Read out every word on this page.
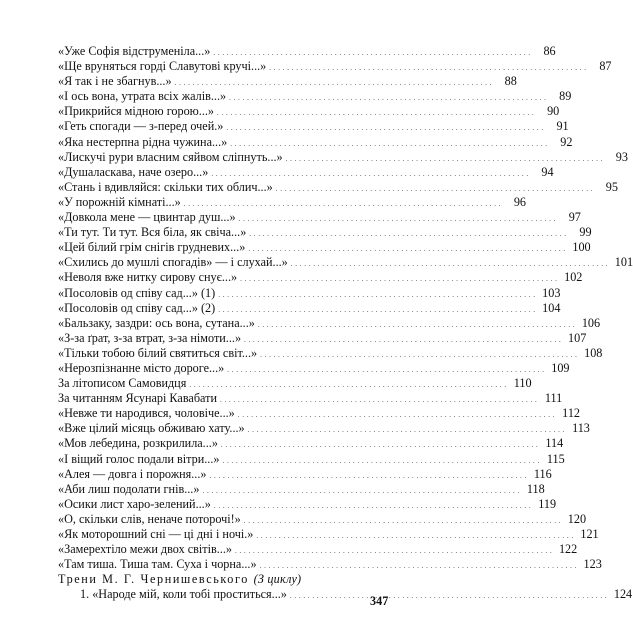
«Уже Софія відструменіла...» . . .	86
«Ще вруняться горді Славутові кручі...» . . .	87
«Я так і не збагнув...» . . .	88
«І ось вона, утрата всіх жалів...» . . .	89
«Прикрийся мідною горою...» . . .	90
«Геть спогади — з-перед очей.» . . .	91
«Яка нестерпна рідна чужина...» . . .	92
«Лискучі рури власним сяйвом сліпнуть...» . . .	93
«Душаласкава, наче озеро...» . . .	94
«Стань і вдивляйся: скільки тих облич...» . . .	95
«У порожній кімнаті...» . . .	96
«Довкола мене — цвинтар душ...» . . .	97
«Ти тут. Ти тут. Вся біла, як свіча...» . . .	99
«Цей білий грім снігів грудневих...» . . .	100
«Схились до мушлі спогадів» — і слухай...» . . .	101
«Неволя вже нитку сирову снує...» . . .	102
«Посоловів од співу сад...» (1) . . .	103
«Посоловів од співу сад...» (2) . . .	104
«Бальзаку, заздри: ось вона, сутана...» . . .	106
«З-за ґрат, з-за втрат, з-за німоти...» . . .	107
«Тільки тобою білий святиться світ...» . . .	108
«Нерозпізнанне місто дороге...» . . .	109
За літописом Самовидця . . .	110
За читанням Ясунарі Кавабати . . .	111
«Невже ти народився, чоловіче...» . . .	112
«Вже цілий місяць обживаю хату...» . . .	113
«Мов лебедина, розкрилила...» . . .	114
«І віщий голос подали вітри...» . . .	115
«Алея — довга і порожня...» . . .	116
«Аби лиш подолати гнів...» . . .	118
«Осики лист харо-зелений...» . . .	119
«О, скільки слів, неначе поторочі!» . . .	120
«Як моторошний сні — ці дні і ночі.» . . .	121
«Замерехтіло межи двох світів...» . . .	122
«Там тиша. Тиша там. Суха і чорна...» . . .	123
Трени М. Г. Чернишевського (З циклу)
1. «Народе мій, коли тобі проститься...» . . .	124
347
